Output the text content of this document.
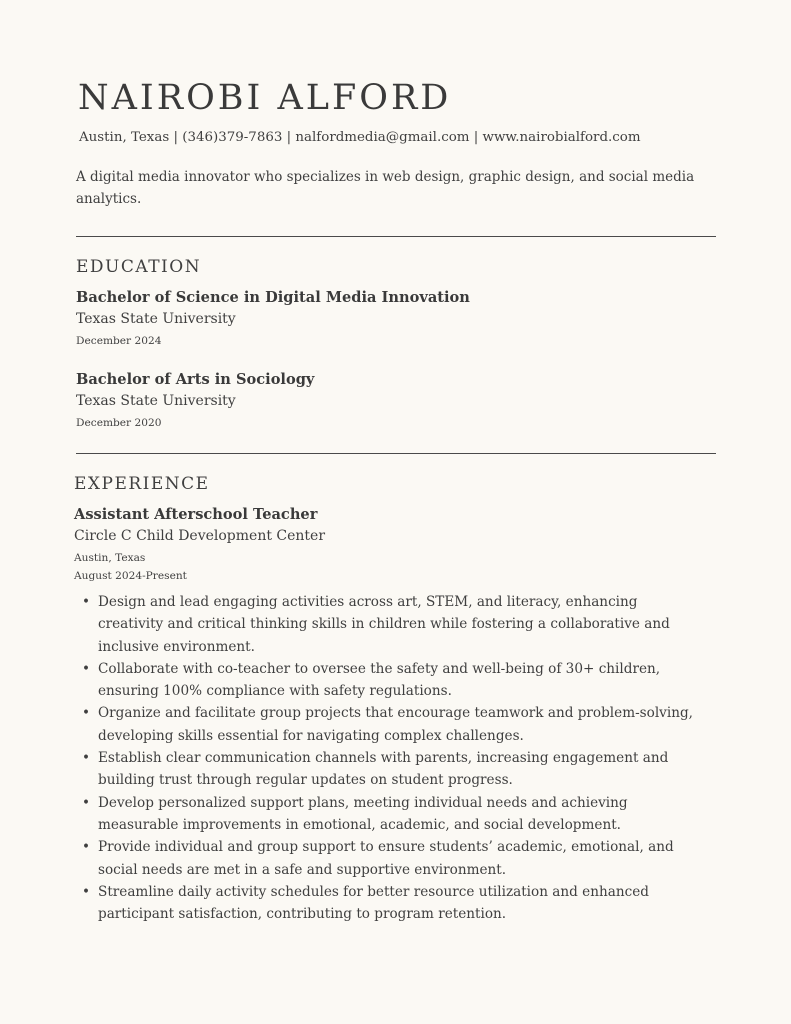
NAIROBI ALFORD
Austin, Texas | (346)379-7863 | nalfordmedia@gmail.com | www.nairobialford.com
A digital media innovator who specializes in web design, graphic design, and social media analytics.
EDUCATION
Bachelor of Science in Digital Media Innovation
Texas State University
December 2024
Bachelor of Arts in Sociology
Texas State University
December 2020
EXPERIENCE
Assistant Afterschool Teacher
Circle C Child Development Center
Austin, Texas
August 2024-Present
• Design and lead engaging activities across art, STEM, and literacy, enhancing creativity and critical thinking skills in children while fostering a collaborative and inclusive environment.
• Collaborate with co-teacher to oversee the safety and well-being of 30+ children, ensuring 100% compliance with safety regulations.
• Organize and facilitate group projects that encourage teamwork and problem-solving, developing skills essential for navigating complex challenges.
• Establish clear communication channels with parents, increasing engagement and building trust through regular updates on student progress.
• Develop personalized support plans, meeting individual needs and achieving measurable improvements in emotional, academic, and social development.
• Provide individual and group support to ensure students’ academic, emotional, and social needs are met in a safe and supportive environment.
• Streamline daily activity schedules for better resource utilization and enhanced participant satisfaction, contributing to program retention.
